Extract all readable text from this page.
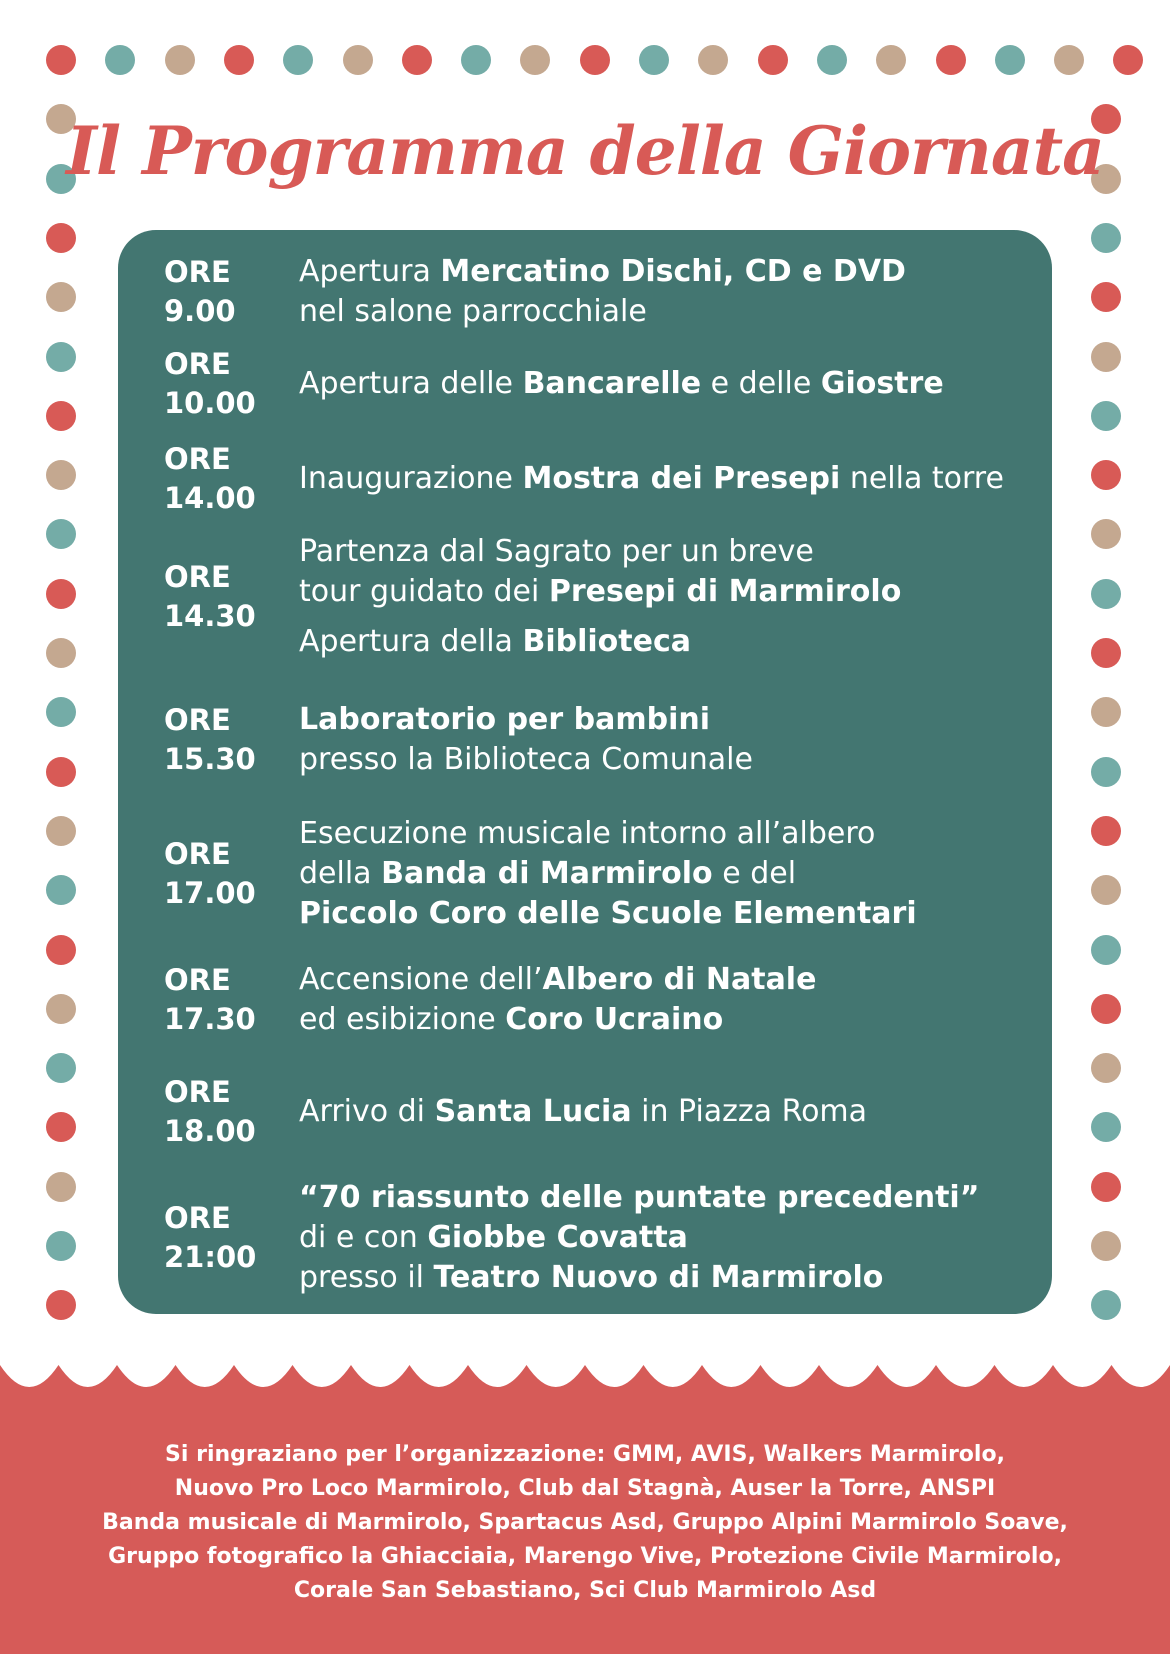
Il Programma della Giornata
ORE
9.00
Apertura Mercatino Dischi, CD e DVD
nel salone parrocchiale
ORE
10.00
Apertura delle Bancarelle e delle Giostre
ORE
14.00
Inaugurazione Mostra dei Presepi nella torre
ORE
14.30
Partenza dal Sagrato per un breve
tour guidato dei Presepi di Marmirolo
Apertura della Biblioteca
ORE
15.30
Laboratorio per bambini
presso la Biblioteca Comunale
ORE
17.00
Esecuzione musicale intorno all’albero
della Banda di Marmirolo e del
Piccolo Coro delle Scuole Elementari
ORE
17.30
Accensione dell’Albero di Natale
ed esibizione Coro Ucraino
ORE
18.00
Arrivo di Santa Lucia in Piazza Roma
ORE
21:00
“70 riassunto delle puntate precedenti”
di e con Giobbe Covatta
presso il Teatro Nuovo di Marmirolo
Si ringraziano per l’organizzazione: GMM, AVIS, Walkers Marmirolo,
Nuovo Pro Loco Marmirolo, Club dal Stagnà, Auser la Torre, ANSPI
Banda musicale di Marmirolo, Spartacus Asd, Gruppo Alpini Marmirolo Soave,
Gruppo fotografico la Ghiacciaia, Marengo Vive, Protezione Civile Marmirolo,
Corale San Sebastiano, Sci Club Marmirolo Asd
